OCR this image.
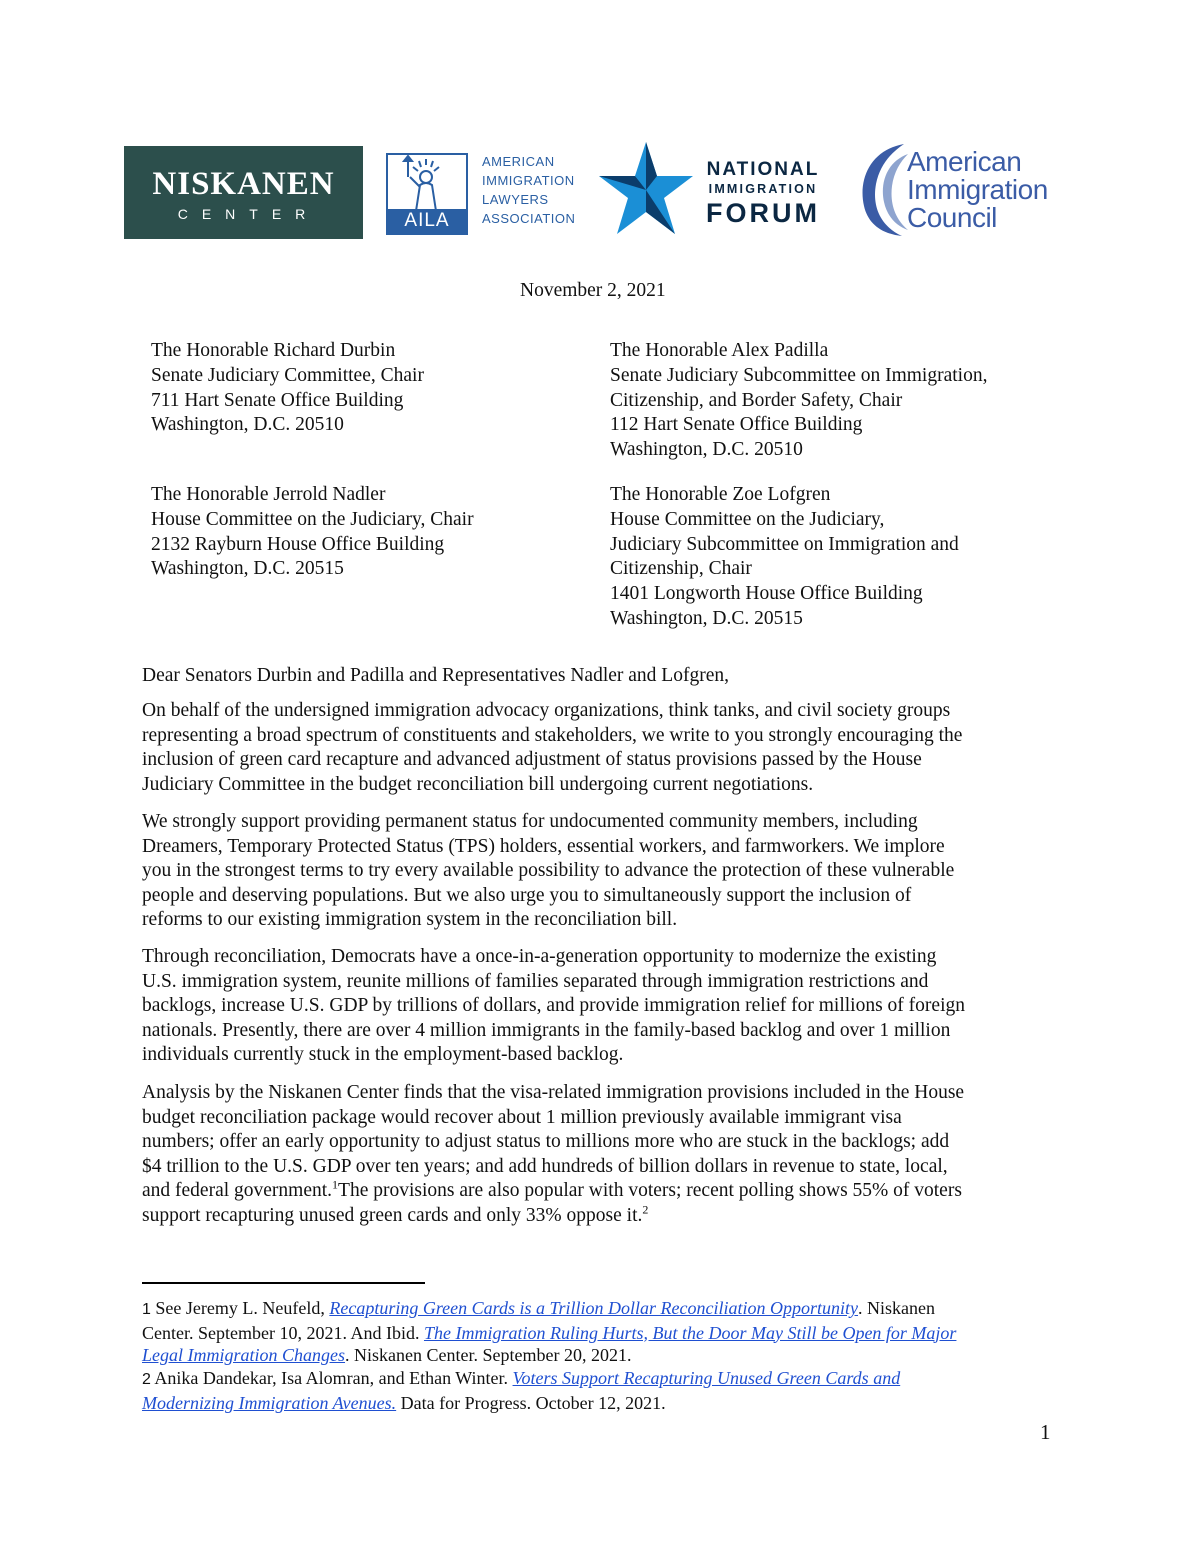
NISKANEN
CENTER	AILA
AMERICAN
IMMIGRATION
LAWYERS
ASSOCIATION
NATIONAL
IMMIGRATION
FORUM
American
Immigration
Council
November 2, 2021
The Honorable Richard Durbin
Senate Judiciary Committee, Chair
711 Hart Senate Office Building
Washington, D.C. 20510
The Honorable Alex Padilla
Senate Judiciary Subcommittee on Immigration,
Citizenship, and Border Safety, Chair
112 Hart Senate Office Building
Washington, D.C. 20510
The Honorable Jerrold Nadler
House Committee on the Judiciary, Chair
2132 Rayburn House Office Building
Washington, D.C. 20515
The Honorable Zoe Lofgren
House Committee on the Judiciary,
Judiciary Subcommittee on Immigration and
Citizenship, Chair
1401 Longworth House Office Building
Washington, D.C. 20515
Dear Senators Durbin and Padilla and Representatives Nadler and Lofgren,
On behalf of the undersigned immigration advocacy organizations, think tanks, and civil society groups
representing a broad spectrum of constituents and stakeholders, we write to you strongly encouraging the
inclusion of green card recapture and advanced adjustment of status provisions passed by the House
Judiciary Committee in the budget reconciliation bill undergoing current negotiations.
We strongly support providing permanent status for undocumented community members, including
Dreamers, Temporary Protected Status (TPS) holders, essential workers, and farmworkers. We implore
you in the strongest terms to try every available possibility to advance the protection of these vulnerable
people and deserving populations. But we also urge you to simultaneously support the inclusion of
reforms to our existing immigration system in the reconciliation bill.
Through reconciliation, Democrats have a once-in-a-generation opportunity to modernize the existing
U.S. immigration system, reunite millions of families separated through immigration restrictions and
backlogs, increase U.S. GDP by trillions of dollars, and provide immigration relief for millions of foreign
nationals. Presently, there are over 4 million immigrants in the family-based backlog and over 1 million
individuals currently stuck in the employment-based backlog.
Analysis by the Niskanen Center finds that the visa-related immigration provisions included in the House
budget reconciliation package would recover about 1 million previously available immigrant visa
numbers; offer an early opportunity to adjust status to millions more who are stuck in the backlogs; add
$4 trillion to the U.S. GDP over ten years; and add hundreds of billion dollars in revenue to state, local,
and federal government.$^1$The provisions are also popular with voters; recent polling shows 55% of voters
support recapturing unused green cards and only 33% oppose it.$^2$
1 See Jeremy L. Neufeld, Recapturing Green Cards is a Trillion Dollar Reconciliation Opportunity. Niskanen
Center. September 10, 2021. And Ibid. The Immigration Ruling Hurts, But the Door May Still be Open for Major
Legal Immigration Changes. Niskanen Center. September 20, 2021.
2 Anika Dandekar, Isa Alomran, and Ethan Winter. Voters Support Recapturing Unused Green Cards and
Modernizing Immigration Avenues. Data for Progress. October 12, 2021.
1
